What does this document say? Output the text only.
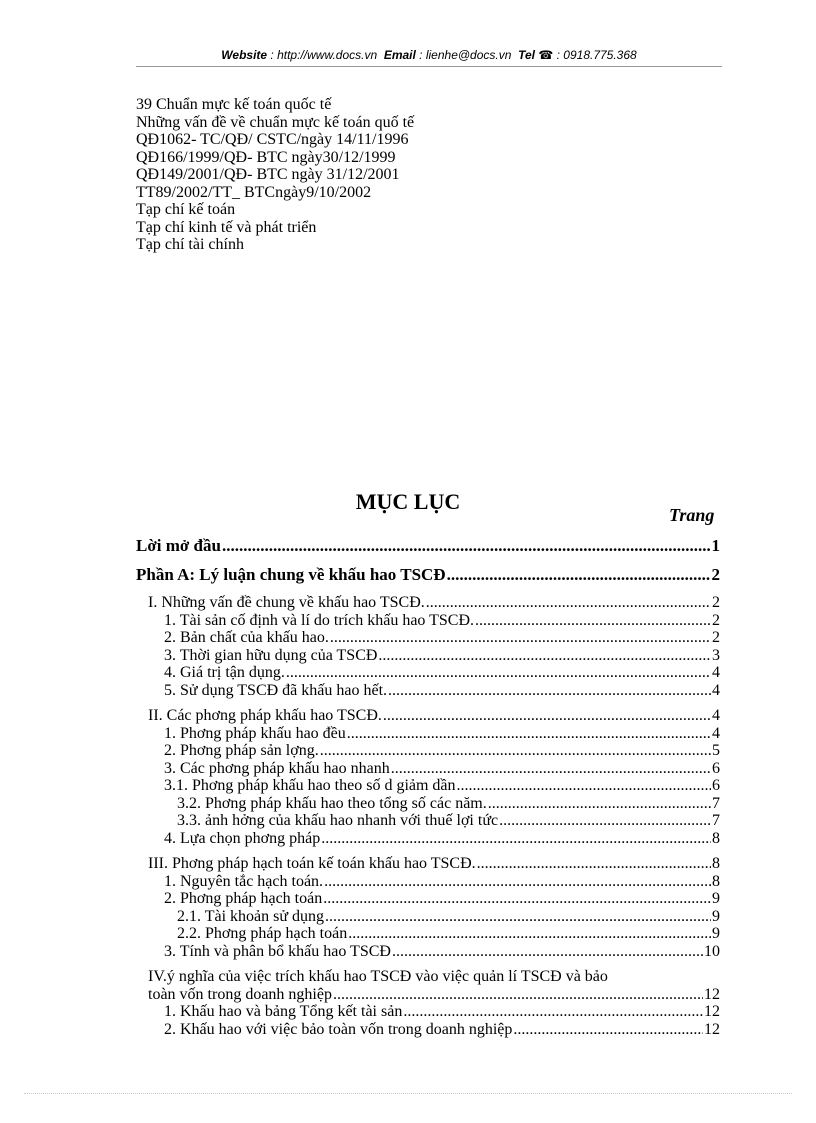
Website : http://www.docs.vn Email : lienhe@docs.vn Tel ☎ : 0918.775.368
39 Chuẩn mực kế toán quốc tế
Những vấn đề về chuẩn mực kế toán quố tế
QĐ1062- TC/QĐ/ CSTC/ngày 14/11/1996
QĐ166/1999/QĐ- BTC ngày30/12/1999
QĐ149/2001/QĐ- BTC ngày 31/12/2001
TT89/2002/TT_ BTCngày9/10/2002
Tạp chí kế toán
Tạp chí kinh tế và phát triển
Tạp chí tài chính
MỤC LỤC
Trang
Lời mở đầu .....	1
Phần A: Lý luận chung về khấu hao TSCĐ .....	2
I. Những vấn đề chung về khấu hao TSCĐ. .....	2
1. Tài sản cố định và lí do trích khấu hao TSCĐ. .....	2
2. Bản chất của khấu hao. .....	2
3. Thời gian hữu dụng của TSCĐ .....	3
4. Giá trị tận dụng. .....	4
5. Sử dụng TSCĐ đã khấu hao hết. .....	4
II. Các phơng pháp khấu hao TSCĐ. .....	4
1. Phơng pháp khấu hao đều .....	4
2. Phơng pháp sản lợng. .....	5
3. Các phơng pháp khấu hao nhanh .....	6
3.1. Phơng pháp khấu hao theo số d giảm dần .....	6
3.2. Phơng pháp khấu hao theo tổng số các năm. .....	7
3.3. ảnh hởng của khấu hao nhanh với thuế lợi tức .....	7
4. Lựa chọn phơng pháp .....	8
III. Phơng pháp hạch toán kế toán khấu hao TSCĐ. .....	8
1. Nguyên tắc hạch toán. .....	8
2. Phơng pháp hạch toán .....	9
2.1. Tài khoản sử dụng .....	9
2.2. Phơng pháp hạch toán .....	9
3. Tính và phân bổ khấu hao TSCĐ .....	10
IV.ý nghĩa của việc trích khấu hao TSCĐ vào việc quản lí TSCĐ và bảo
toàn vốn trong doanh nghiệp .....	12
1. Khấu hao và bảng Tổng kết tài sản .....	12
2. Khấu hao với việc bảo toàn vốn trong doanh nghiệp .....	12
